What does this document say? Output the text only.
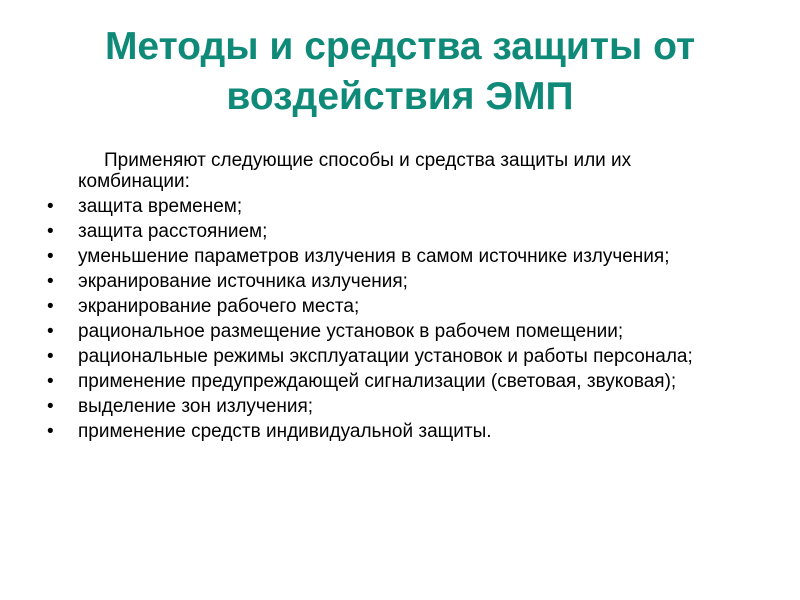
Методы и средства защиты от воздействия ЭМП

Применяют следующие способы и средства защиты или их комбинации:

• защита временем;
• защита расстоянием;
• уменьшение параметров излучения в самом источнике излучения;
• экранирование источника излучения;
• экранирование рабочего места;
• рациональное размещение установок в рабочем помещении;
• рациональные режимы эксплуатации установок и работы персонала;
• применение предупреждающей сигнализации (световая, звуковая);
• выделение зон излучения;
• применение средств индивидуальной защиты.
